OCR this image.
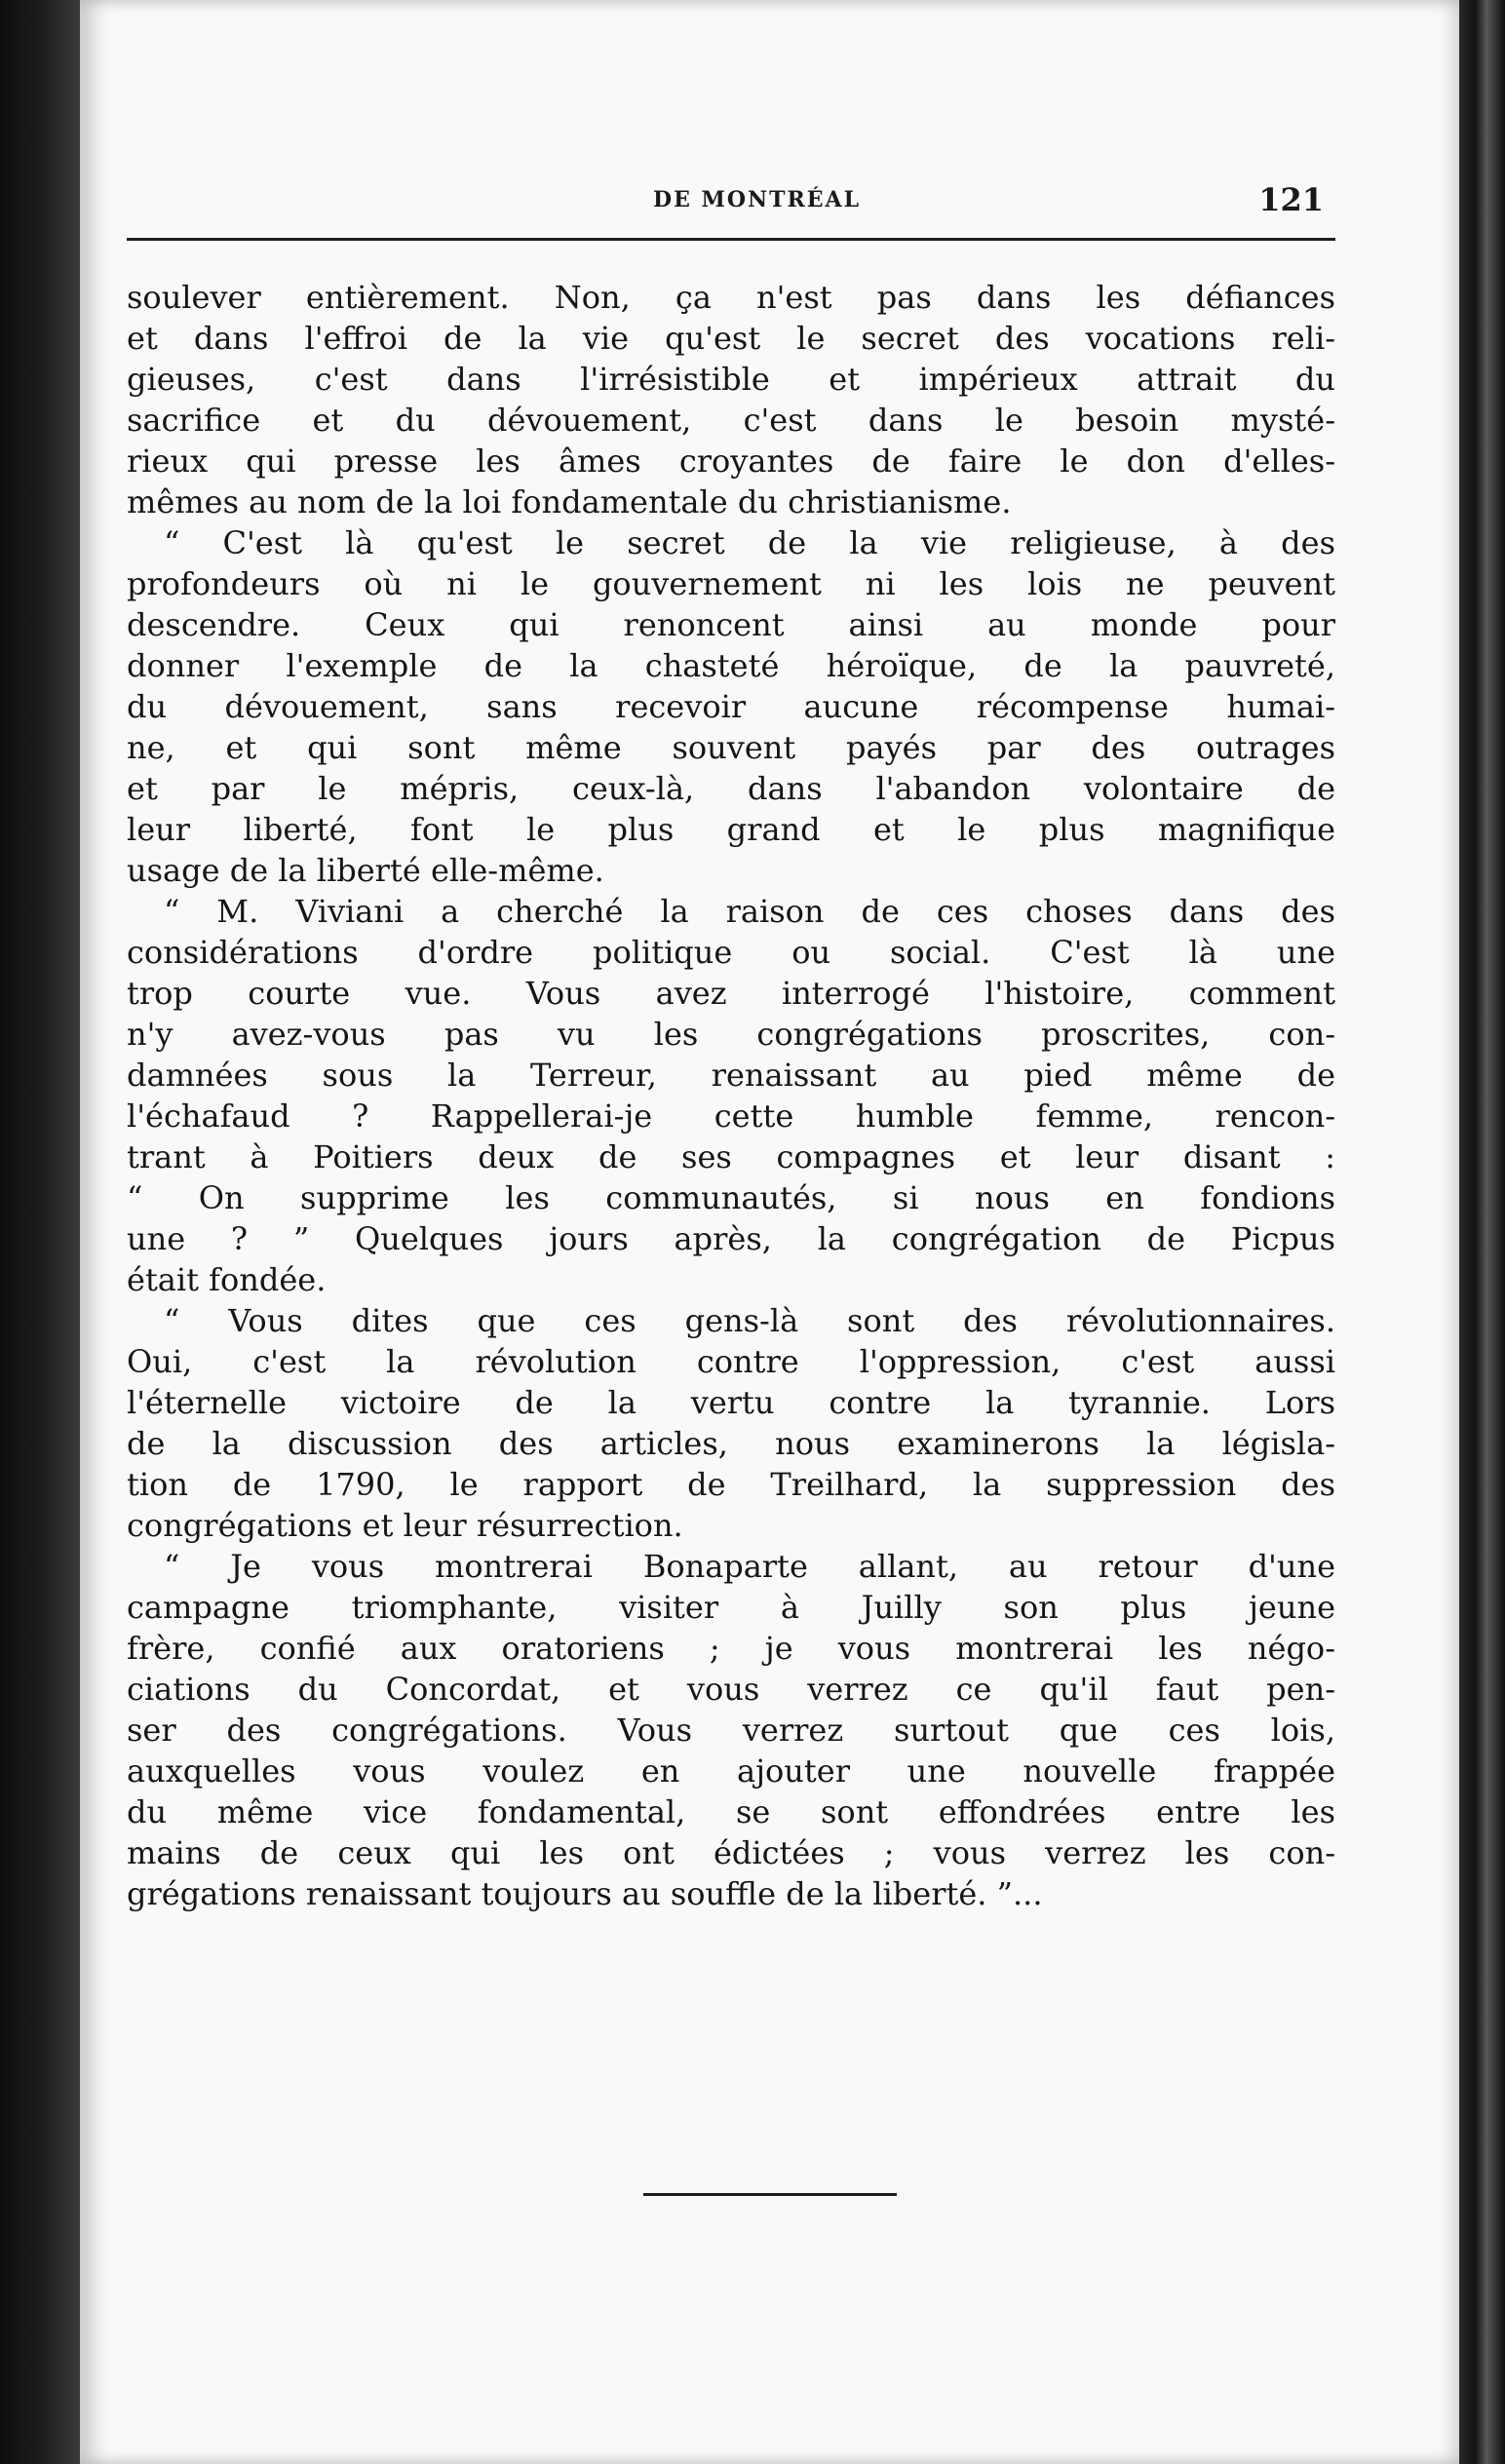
DE MONTRÉAL	121
soulever entièrement. Non, ça n'est pas dans les défiances
et dans l'effroi de la vie qu'est le secret des vocations reli-
gieuses, c'est dans l'irrésistible et impérieux attrait du
sacrifice et du dévouement, c'est dans le besoin mysté-
rieux qui presse les âmes croyantes de faire le don d'elles-
mêmes au nom de la loi fondamentale du christianisme.
“ C'est là qu'est le secret de la vie religieuse, à des
profondeurs où ni le gouvernement ni les lois ne peuvent
descendre. Ceux qui renoncent ainsi au monde pour
donner l'exemple de la chasteté héroïque, de la pauvreté,
du dévouement, sans recevoir aucune récompense humai-
ne, et qui sont même souvent payés par des outrages
et par le mépris, ceux-là, dans l'abandon volontaire de
leur liberté, font le plus grand et le plus magnifique
usage de la liberté elle-même.
“ M. Viviani a cherché la raison de ces choses dans des
considérations d'ordre politique ou social. C'est là une
trop courte vue. Vous avez interrogé l'histoire, comment
n'y avez-vous pas vu les congrégations proscrites, con-
damnées sous la Terreur, renaissant au pied même de
l'échafaud ? Rappellerai-je cette humble femme, rencon-
trant à Poitiers deux de ses compagnes et leur disant :
“ On supprime les communautés, si nous en fondions
une ? ” Quelques jours après, la congrégation de Picpus
était fondée.
“ Vous dites que ces gens-là sont des révolutionnaires.
Oui, c'est la révolution contre l'oppression, c'est aussi
l'éternelle victoire de la vertu contre la tyrannie. Lors
de la discussion des articles, nous examinerons la législa-
tion de 1790, le rapport de Treilhard, la suppression des
congrégations et leur résurrection.
“ Je vous montrerai Bonaparte allant, au retour d'une
campagne triomphante, visiter à Juilly son plus jeune
frère, confié aux oratoriens ; je vous montrerai les négo-
ciations du Concordat, et vous verrez ce qu'il faut pen-
ser des congrégations. Vous verrez surtout que ces lois,
auxquelles vous voulez en ajouter une nouvelle frappée
du même vice fondamental, se sont effondrées entre les
mains de ceux qui les ont édictées ; vous verrez les con-
grégations renaissant toujours au souffle de la liberté. ”...
